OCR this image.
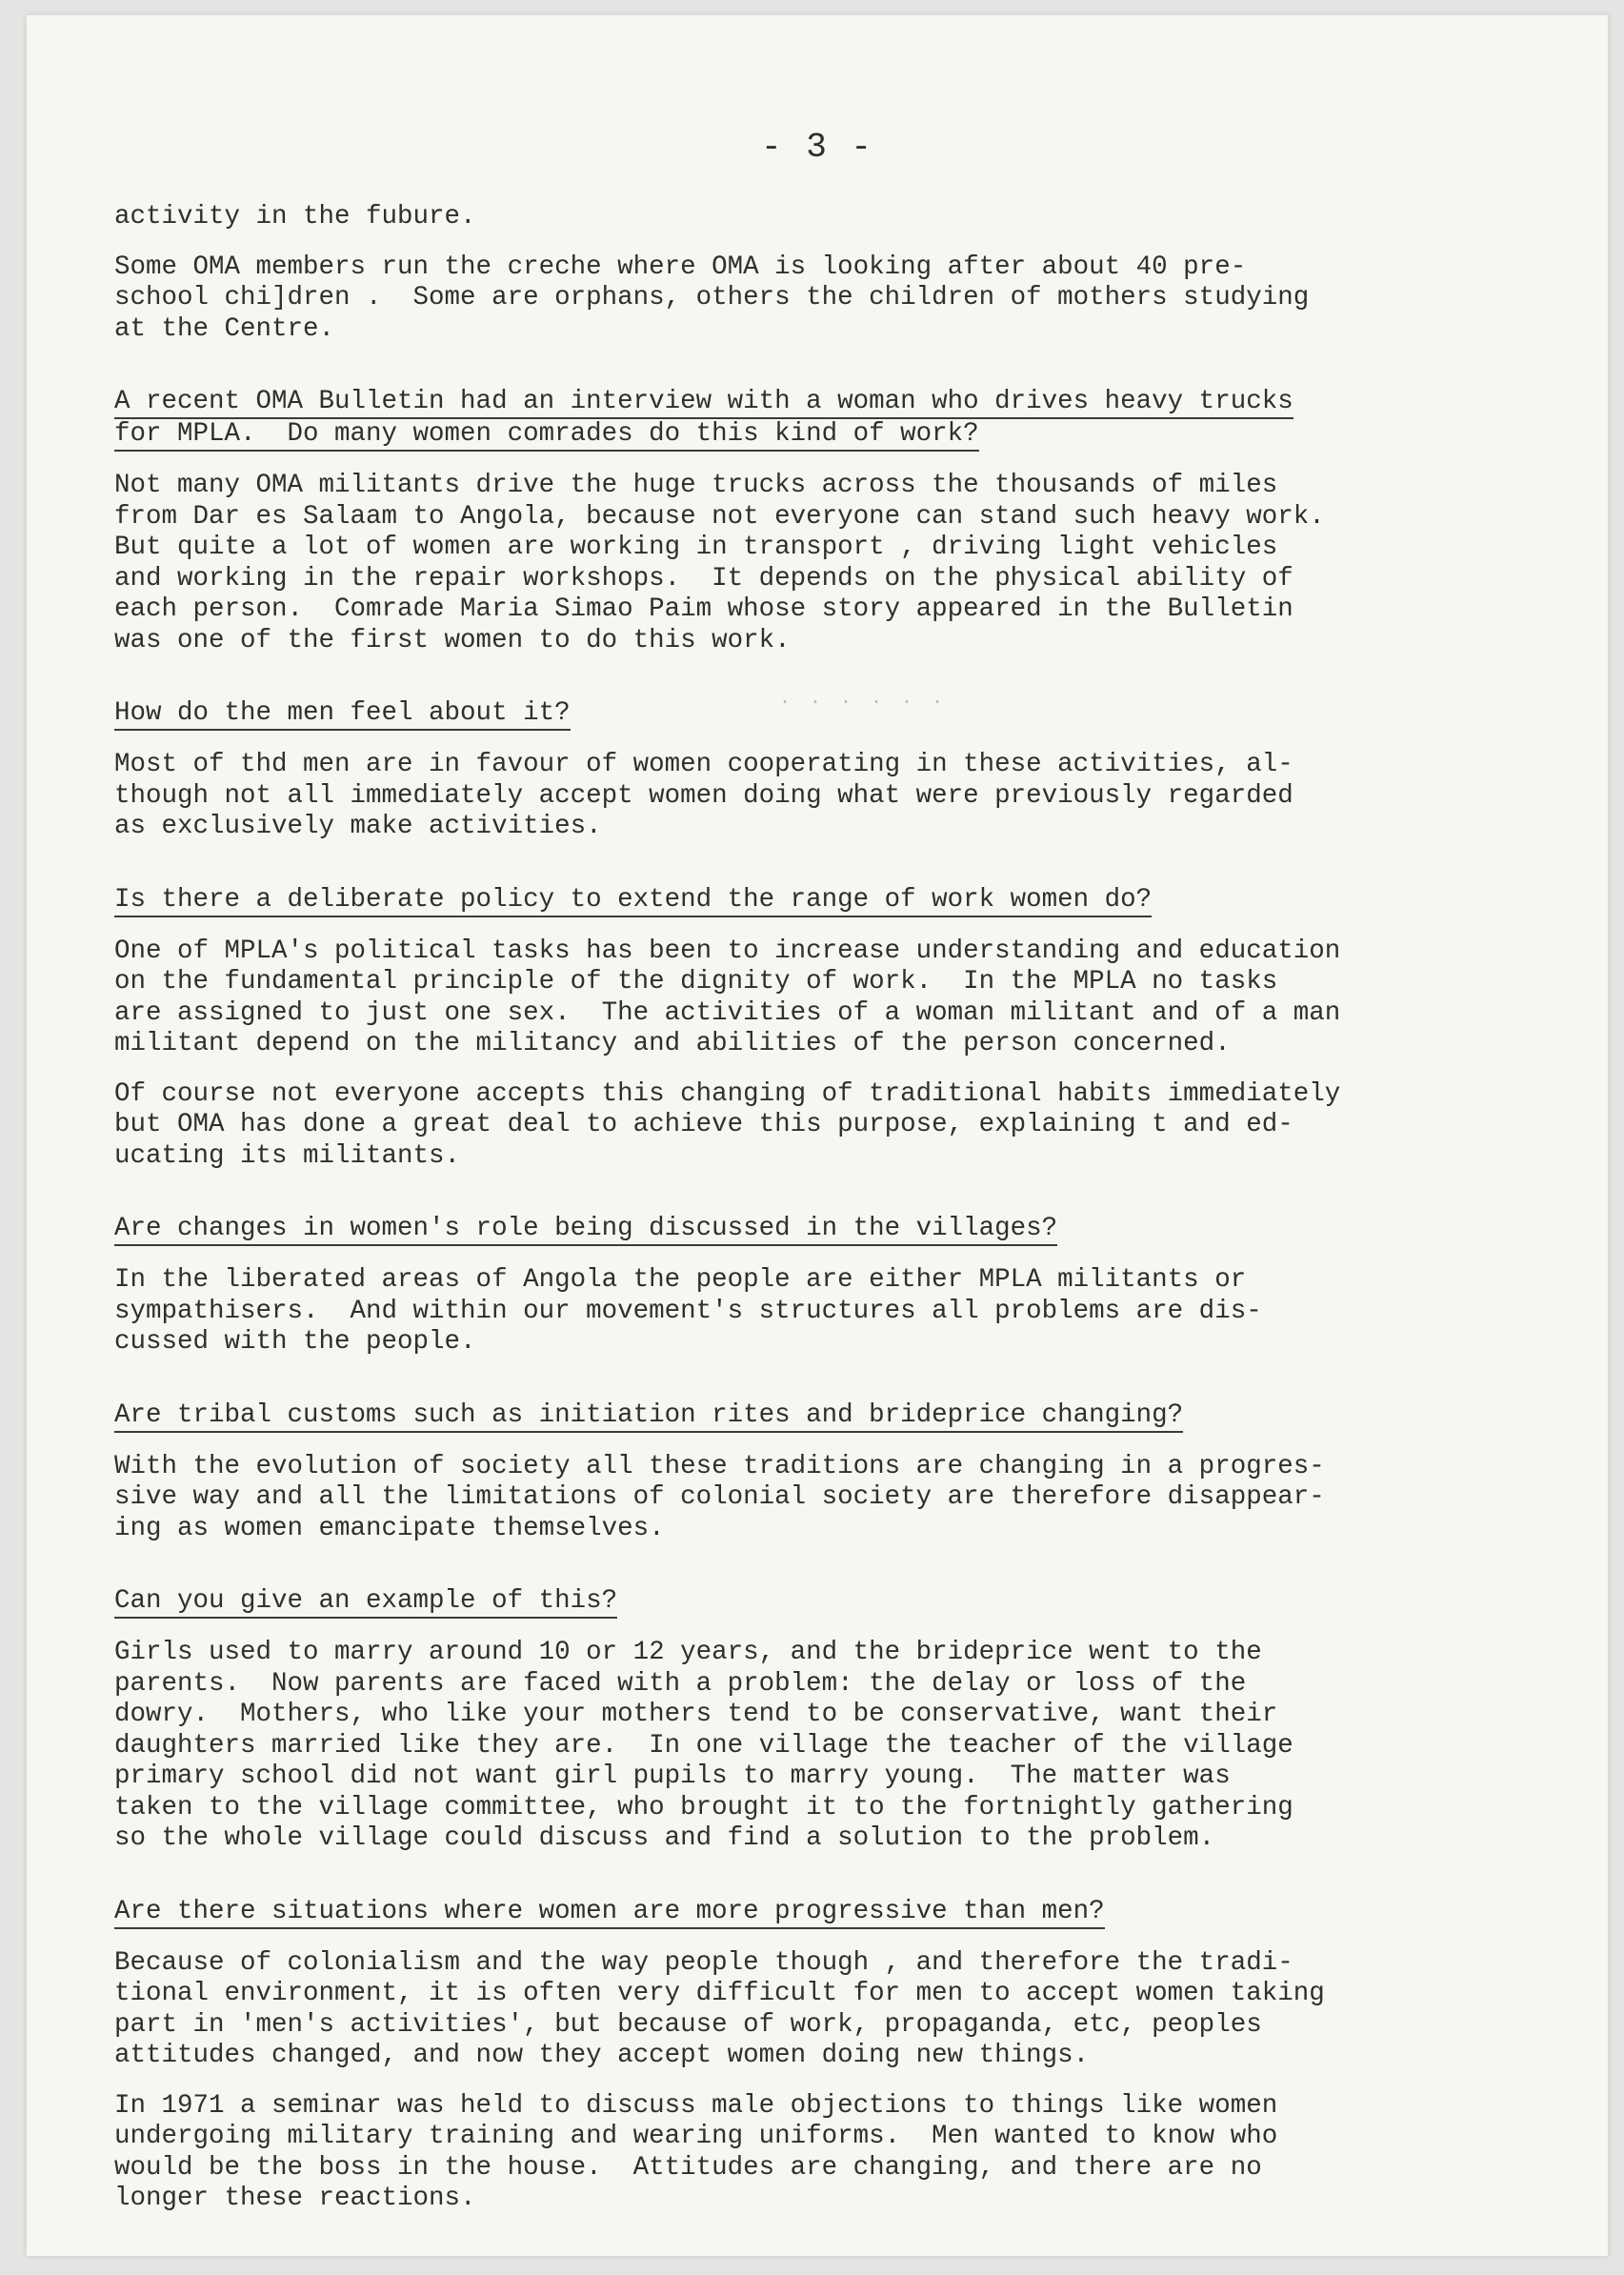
- 3 -
· · · · · ·
activity in the fubure.
Some OMA members run the creche where OMA is looking after about 40 pre-
school chi]dren .  Some are orphans, others the children of mothers studying
at the Centre.
A recent OMA Bulletin had an interview with a woman who drives heavy trucks
for MPLA.  Do many women comrades do this kind of work?
Not many OMA militants drive the huge trucks across the thousands of miles
from Dar es Salaam to Angola, because not everyone can stand such heavy work.
But quite a lot of women are working in transport , driving light vehicles
and working in the repair workshops.  It depends on the physical ability of
each person.  Comrade Maria Simao Paim whose story appeared in the Bulletin
was one of the first women to do this work.
How do the men feel about it?
Most of thd men are in favour of women cooperating in these activities, al-
though not all immediately accept women doing what were previously regarded
as exclusively make activities.
Is there a deliberate policy to extend the range of work women do?
One of MPLA's political tasks has been to increase understanding and education
on the fundamental principle of the dignity of work.  In the MPLA no tasks
are assigned to just one sex.  The activities of a woman militant and of a man
militant depend on the militancy and abilities of the person concerned.
Of course not everyone accepts this changing of traditional habits immediately
but OMA has done a great deal to achieve this purpose, explaining t and ed-
ucating its militants.
Are changes in women's role being discussed in the villages?
In the liberated areas of Angola the people are either MPLA militants or
sympathisers.  And within our movement's structures all problems are dis-
cussed with the people.
Are tribal customs such as initiation rites and brideprice changing?
With the evolution of society all these traditions are changing in a progres-
sive way and all the limitations of colonial society are therefore disappear-
ing as women emancipate themselves.
Can you give an example of this?
Girls used to marry around 10 or 12 years, and the brideprice went to the
parents.  Now parents are faced with a problem: the delay or loss of the
dowry.  Mothers, who like your mothers tend to be conservative, want their
daughters married like they are.  In one village the teacher of the village
primary school did not want girl pupils to marry young.  The matter was
taken to the village committee, who brought it to the fortnightly gathering
so the whole village could discuss and find a solution to the problem.
Are there situations where women are more progressive than men?
Because of colonialism and the way people though , and therefore the tradi-
tional environment, it is often very difficult for men to accept women taking
part in 'men's activities', but because of work, propaganda, etc, peoples
attitudes changed, and now they accept women doing new things.
In 1971 a seminar was held to discuss male objections to things like women
undergoing military training and wearing uniforms.  Men wanted to know who
would be the boss in the house.  Attitudes are changing, and there are no
longer these reactions.
